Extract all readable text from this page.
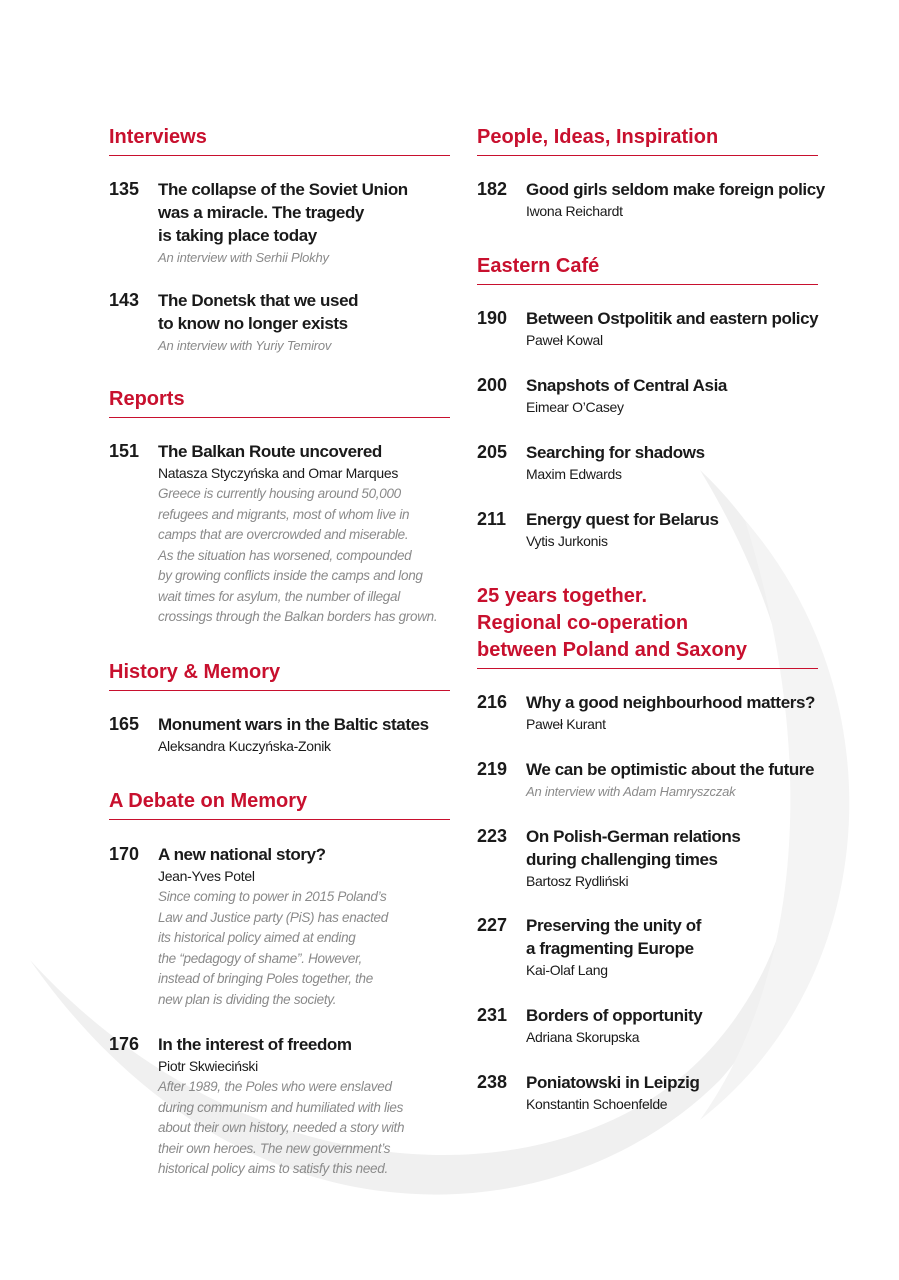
Interviews
135	The collapse of the Soviet Union
was a miracle. The tragedy
is taking place today
An interview with Serhii Plokhy
143	The Donetsk that we used
to know no longer exists
An interview with Yuriy Temirov
Reports
151	The Balkan Route uncovered
Natasza Styczyńska and Omar Marques
Greece is currently housing around 50,000
refugees and migrants, most of whom live in
camps that are overcrowded and miserable.
As the situation has worsened, compounded
by growing conflicts inside the camps and long
wait times for asylum, the number of illegal
crossings through the Balkan borders has grown.
History & Memory
165	Monument wars in the Baltic states
Aleksandra Kuczyńska-Zonik
A Debate on Memory
170	A new national story?
Jean-Yves Potel
Since coming to power in 2015 Poland’s
Law and Justice party (PiS) has enacted
its historical policy aimed at ending
the “pedagogy of shame”. However,
instead of bringing Poles together, the
new plan is dividing the society.
176	In the interest of freedom
Piotr Skwieciński
After 1989, the Poles who were enslaved
during communism and humiliated with lies
about their own history, needed a story with
their own heroes. The new government’s
historical policy aims to satisfy this need.
People, Ideas, Inspiration
182	Good girls seldom make foreign policy
Iwona Reichardt
Eastern Café
190	Between Ostpolitik and eastern policy
Paweł Kowal
200	Snapshots of Central Asia
Eimear O’Casey
205	Searching for shadows
Maxim Edwards
211	Energy quest for Belarus
Vytis Jurkonis
25 years together.
Regional co-operation
between Poland and Saxony
216	Why a good neighbourhood matters?
Paweł Kurant
219	We can be optimistic about the future
An interview with Adam Hamryszczak
223	On Polish-German relations
during challenging times
Bartosz Rydliński
227	Preserving the unity of
a fragmenting Europe
Kai-Olaf Lang
231	Borders of opportunity
Adriana Skorupska
238	Poniatowski in Leipzig
Konstantin Schoenfelde
